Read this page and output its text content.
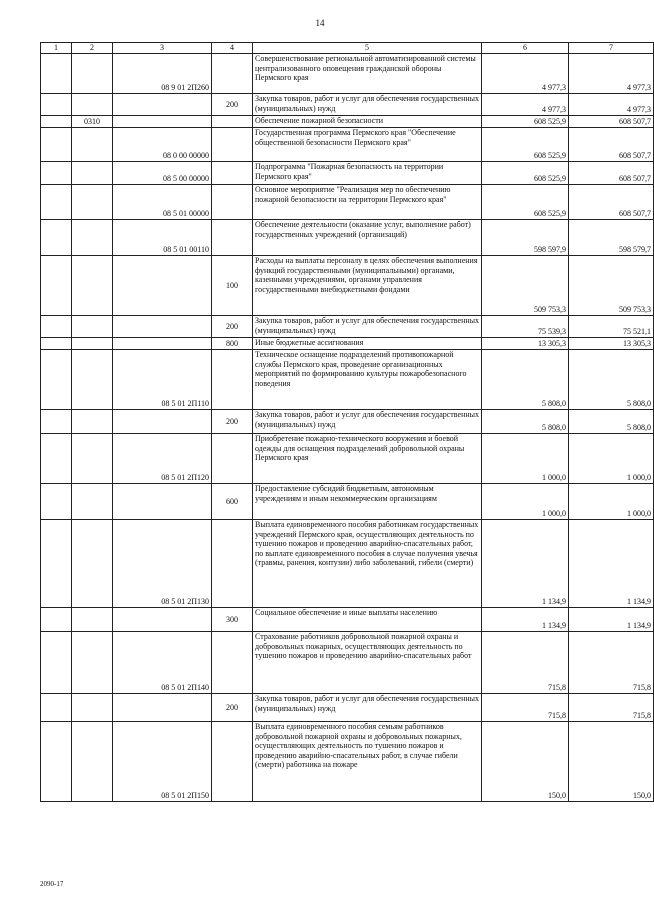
14
1	2	3	4	5	6	7
		08 9 01 2П260		Совершенствование региональной автоматизированной системы централизованного оповещения гражданской обороны Пермского края	4 977,3	4 977,3
			200	Закупка товаров, работ и услуг для обеспечения государственных (муниципальных) нужд	4 977,3	4 977,3
	0310			Обеспечение пожарной безопасности	608 525,9	608 507,7
		08 0 00 00000		Государственная программа Пермского края "Обеспечение общественной безопасности Пермского края"	608 525,9	608 507,7
		08 5 00 00000		Подпрограмма "Пожарная безопасность на территории Пермского края"	608 525,9	608 507,7
		08 5 01 00000		Основное мероприятие "Реализация мер по обеспечению пожарной безопасности на территории Пермского края"	608 525,9	608 507,7
		08 5 01 00110		Обеспечение деятельности (оказание услуг, выполнение работ) государственных учреждений (организаций)	598 597,9	598 579,7
			100	Расходы на выплаты персоналу в целях обеспечения выполнения функций государственными (муниципальными) органами, казенными учреждениями, органами управления государственными внебюджетными фондами	509 753,3	509 753,3
			200	Закупка товаров, работ и услуг для обеспечения государственных (муниципальных) нужд	75 539,3	75 521,1
			800	Иные бюджетные ассигнования	13 305,3	13 305,3
		08 5 01 2П110		Техническое оснащение подразделений противопожарной службы Пермского края, проведение организационных мероприятий по формированию культуры пожаробезопасного поведения	5 808,0	5 808,0
			200	Закупка товаров, работ и услуг для обеспечения государственных (муниципальных) нужд	5 808,0	5 808,0
		08 5 01 2П120		Приобретение пожарно-технического вооружения и боевой одежды для оснащения подразделений добровольной охраны Пермского края	1 000,0	1 000,0
			600	Предоставление субсидий бюджетным, автономным учреждениям и иным некоммерческим организациям	1 000,0	1 000,0
		08 5 01 2П130		Выплата единовременного пособия работникам государственных учреждений Пермского края, осуществляющих деятельность по тушению пожаров и проведению аварийно-спасательных работ, по выплате единовременного пособия в случае получения увечья (травмы, ранения, контузии) либо заболеваний, гибели (смерти)	1 134,9	1 134,9
			300	Социальное обеспечение и иные выплаты населению	1 134,9	1 134,9
		08 5 01 2П140		Страхование работников добровольной пожарной охраны и добровольных пожарных, осуществляющих деятельность по тушению пожаров и проведению аварийно-спасательных работ	715,8	715,8
			200	Закупка товаров, работ и услуг для обеспечения государственных (муниципальных) нужд	715,8	715,8
		08 5 01 2П150		Выплата единовременного пособия семьям работников добровольной пожарной охраны и добровольных пожарных, осуществляющих деятельность по тушению пожаров и проведению аварийно-спасательных работ, в случае гибели (смерти) работника на пожаре	150,0	150,0
2090-17
